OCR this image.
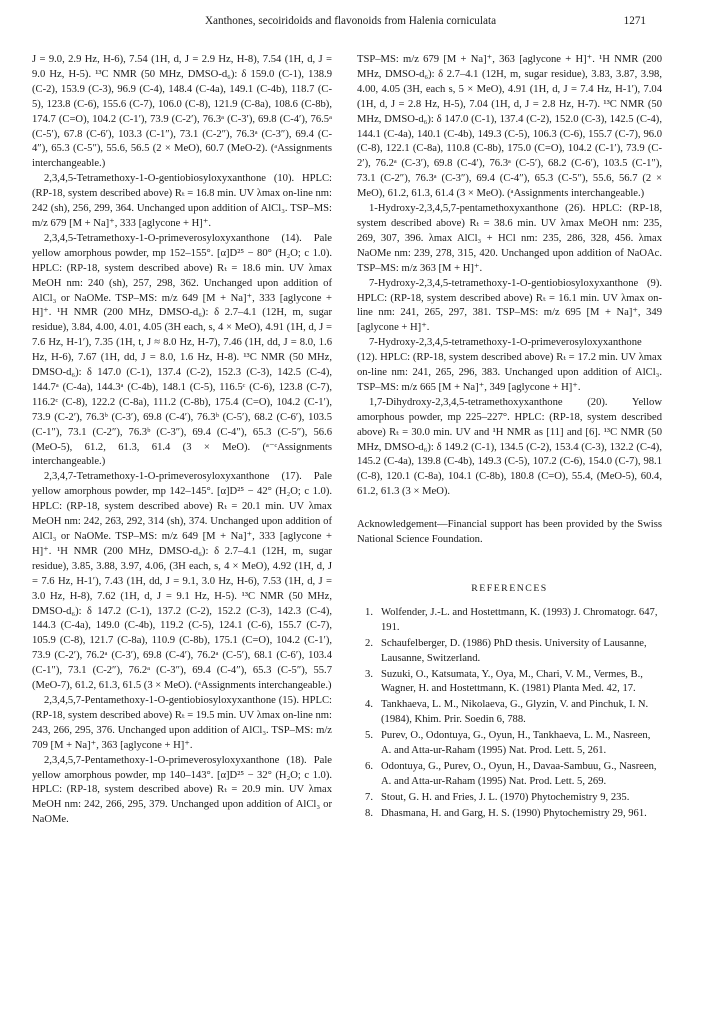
Xanthones, secoiridoids and flavonoids from Halenia corniculata	1271

J = 9.0, 2.9 Hz, H-6), 7.54 (1H, d, J = 2.9 Hz, H-8), 7.54 (1H, d, J = 9.0 Hz, H-5). ¹³C NMR (50 MHz, DMSO-d₆): δ 159.0 (C-1), 138.9 (C-2), 153.9 (C-3), 96.9 (C-4), 148.4 (C-4a), 149.1 (C-4b), 118.7 (C-5), 123.8 (C-6), 155.6 (C-7), 106.0 (C-8), 121.9 (C-8a), 108.6 (C-8b), 174.7 (C=O), 104.2 (C-1′), 73.9 (C-2′), 76.3ᵃ (C-3′), 69.8 (C-4′), 76.5ᵃ (C-5′), 67.8 (C-6′), 103.3 (C-1″), 73.1 (C-2″), 76.3ᵃ (C-3″), 69.4 (C-4″), 65.3 (C-5″), 55.6, 56.5 (2 × MeO), 60.7 (MeO-2). (ᵃAssignments interchangeable.)

2,3,4,5-Tetramethoxy-1-O-gentiobiosyloxyxanthone (10). HPLC: (RP-18, system described above) Rₜ = 16.8 min. UV λmax on-line nm: 242 (sh), 256, 299, 364. Unchanged upon addition of AlCl₃. TSP–MS: m/z 679 [M + Na]⁺, 333 [aglycone + H]⁺.

2,3,4,5-Tetramethoxy-1-O-primeverosyloxyxanthone (14). Pale yellow amorphous powder, mp 152–155°. [α]D²⁵ − 80° (H₂O; c 1.0). HPLC: (RP-18, system described above) Rₜ = 18.6 min. UV λmax MeOH nm: 240 (sh), 257, 298, 362. Unchanged upon addition of AlCl₃ or NaOMe. TSP–MS: m/z 649 [M + Na]⁺, 333 [aglycone + H]⁺. ¹H NMR (200 MHz, DMSO-d₆): δ 2.7–4.1 (12H, m, sugar residue), 3.84, 4.00, 4.01, 4.05 (3H each, s, 4 × MeO), 4.91 (1H, d, J = 7.6 Hz, H-1′), 7.35 (1H, t, J ≈ 8.0 Hz, H-7), 7.46 (1H, dd, J = 8.0, 1.6 Hz, H-6), 7.67 (1H, dd, J = 8.0, 1.6 Hz, H-8). ¹³C NMR (50 MHz, DMSO-d₆): δ 147.0 (C-1), 137.4 (C-2), 152.3 (C-3), 142.5 (C-4), 144.7ᵃ (C-4a), 144.3ᵃ (C-4b), 148.1 (C-5), 116.5ᶜ (C-6), 123.8 (C-7), 116.2ᶜ (C-8), 122.2 (C-8a), 111.2 (C-8b), 175.4 (C=O), 104.2 (C-1′), 73.9 (C-2′), 76.3ᵇ (C-3′), 69.8 (C-4′), 76.3ᵇ (C-5′), 68.2 (C-6′), 103.5 (C-1″), 73.1 (C-2″), 76.3ᵇ (C-3″), 69.4 (C-4″), 65.3 (C-5″), 56.6 (MeO-5), 61.2, 61.3, 61.4 (3 × MeO). (ᵃ⁻ᶜAssignments interchangeable.)

2,3,4,7-Tetramethoxy-1-O-primeverosyloxyxanthone (17). Pale yellow amorphous powder, mp 142–145°. [α]D²⁵ − 42° (H₂O; c 1.0). HPLC: (RP-18, system described above) Rₜ = 20.1 min. UV λmax MeOH nm: 242, 263, 292, 314 (sh), 374. Unchanged upon addition of AlCl₃ or NaOMe. TSP–MS: m/z 649 [M + Na]⁺, 333 [aglycone + H]⁺. ¹H NMR (200 MHz, DMSO-d₆): δ 2.7–4.1 (12H, m, sugar residue), 3.85, 3.88, 3.97, 4.06, (3H each, s, 4 × MeO), 4.92 (1H, d, J = 7.6 Hz, H-1′), 7.43 (1H, dd, J = 9.1, 3.0 Hz, H-6), 7.53 (1H, d, J = 3.0 Hz, H-8), 7.62 (1H, d, J = 9.1 Hz, H-5). ¹³C NMR (50 MHz, DMSO-d₆): δ 147.2 (C-1), 137.2 (C-2), 152.2 (C-3), 142.3 (C-4), 144.3 (C-4a), 149.0 (C-4b), 119.2 (C-5), 124.1 (C-6), 155.7 (C-7), 105.9 (C-8), 121.7 (C-8a), 110.9 (C-8b), 175.1 (C=O), 104.2 (C-1′), 73.9 (C-2′), 76.2ᵃ (C-3′), 69.8 (C-4′), 76.2ᵃ (C-5′), 68.1 (C-6′), 103.4 (C-1″), 73.1 (C-2″), 76.2ᵃ (C-3″), 69.4 (C-4″), 65.3 (C-5″), 55.7 (MeO-7), 61.2, 61.3, 61.5 (3 × MeO). (ᵃAssignments interchangeable.)

2,3,4,5,7-Pentamethoxy-1-O-gentiobiosyloxyxanthone (15). HPLC: (RP-18, system described above) Rₜ = 19.5 min. UV λmax on-line nm: 243, 266, 295, 376. Unchanged upon addition of AlCl₃. TSP–MS: m/z 709 [M + Na]⁺, 363 [aglycone + H]⁺.

2,3,4,5,7-Pentamethoxy-1-O-primeverosyloxyxanthone (18). Pale yellow amorphous powder, mp 140–143°. [α]D²⁵ − 32° (H₂O; c 1.0). HPLC: (RP-18, system described above) Rₜ = 20.9 min. UV λmax MeOH nm: 242, 266, 295, 379. Unchanged upon addition of AlCl₃ or NaOMe.

TSP–MS: m/z 679 [M + Na]⁺, 363 [aglycone + H]⁺. ¹H NMR (200 MHz, DMSO-d₆): δ 2.7–4.1 (12H, m, sugar residue), 3.83, 3.87, 3.98, 4.00, 4.05 (3H, each s, 5 × MeO), 4.91 (1H, d, J = 7.4 Hz, H-1′), 7.04 (1H, d, J = 2.8 Hz, H-5), 7.04 (1H, d, J = 2.8 Hz, H-7). ¹³C NMR (50 MHz, DMSO-d₆): δ 147.0 (C-1), 137.4 (C-2), 152.0 (C-3), 142.5 (C-4), 144.1 (C-4a), 140.1 (C-4b), 149.3 (C-5), 106.3 (C-6), 155.7 (C-7), 96.0 (C-8), 122.1 (C-8a), 110.8 (C-8b), 175.0 (C=O), 104.2 (C-1′), 73.9 (C-2′), 76.2ᵃ (C-3′), 69.8 (C-4′), 76.3ᵃ (C-5′), 68.2 (C-6′), 103.5 (C-1″), 73.1 (C-2″), 76.3ᵃ (C-3″), 69.4 (C-4″), 65.3 (C-5″), 55.6, 56.7 (2 × MeO), 61.2, 61.3, 61.4 (3 × MeO). (ᵃAssignments interchangeable.)

1-Hydroxy-2,3,4,5,7-pentamethoxyxanthone (26). HPLC: (RP-18, system described above) Rₜ = 38.6 min. UV λmax MeOH nm: 235, 269, 307, 396. λmax AlCl₃ + HCl nm: 235, 286, 328, 456. λmax NaOMe nm: 239, 278, 315, 420. Unchanged upon addition of NaOAc. TSP–MS: m/z 363 [M + H]⁺.

7-Hydroxy-2,3,4,5-tetramethoxy-1-O-gentiobiosyloxyxanthone (9). HPLC: (RP-18, system described above) Rₜ = 16.1 min. UV λmax on-line nm: 241, 265, 297, 381. TSP–MS: m/z 695 [M + Na]⁺, 349 [aglycone + H]⁺.

7-Hydroxy-2,3,4,5-tetramethoxy-1-O-primeverosyloxyxanthone (12). HPLC: (RP-18, system described above) Rₜ = 17.2 min. UV λmax on-line nm: 241, 265, 296, 383. Unchanged upon addition of AlCl₃. TSP–MS: m/z 665 [M + Na]⁺, 349 [aglycone + H]⁺.

1,7-Dihydroxy-2,3,4,5-tetramethoxyxanthone (20). Yellow amorphous powder, mp 225–227°. HPLC: (RP-18, system described above) Rₜ = 30.0 min. UV and ¹H NMR as [11] and [6]. ¹³C NMR (50 MHz, DMSO-d₆): δ 149.2 (C-1), 134.5 (C-2), 153.4 (C-3), 132.2 (C-4), 145.2 (C-4a), 139.8 (C-4b), 149.3 (C-5), 107.2 (C-6), 154.0 (C-7), 98.1 (C-8), 120.1 (C-8a), 104.1 (C-8b), 180.8 (C=O), 55.4, (MeO-5), 60.4, 61.2, 61.3 (3 × MeO).

Acknowledgement—Financial support has been provided by the Swiss National Science Foundation.

REFERENCES
1. Wolfender, J.-L. and Hostettmann, K. (1993) J. Chromatogr. 647, 191.
2. Schaufelberger, D. (1986) PhD thesis. University of Lausanne, Lausanne, Switzerland.
3. Suzuki, O., Katsumata, Y., Oya, M., Chari, V. M., Vermes, B., Wagner, H. and Hostettmann, K. (1981) Planta Med. 42, 17.
4. Tankhaeva, L. M., Nikolaeva, G., Glyzin, V. and Pinchuk, I. N. (1984), Khim. Prir. Soedin 6, 788.
5. Purev, O., Odontuya, G., Oyun, H., Tankhaeva, L. M., Nasreen, A. and Atta-ur-Raham (1995) Nat. Prod. Lett. 5, 261.
6. Odontuya, G., Purev, O., Oyun, H., Davaa-Sambuu, G., Nasreen, A. and Atta-ur-Raham (1995) Nat. Prod. Lett. 5, 269.
7. Stout, G. H. and Fries, J. L. (1970) Phytochemistry 9, 235.
8. Dhasmana, H. and Garg, H. S. (1990) Phytochemistry 29, 961.
